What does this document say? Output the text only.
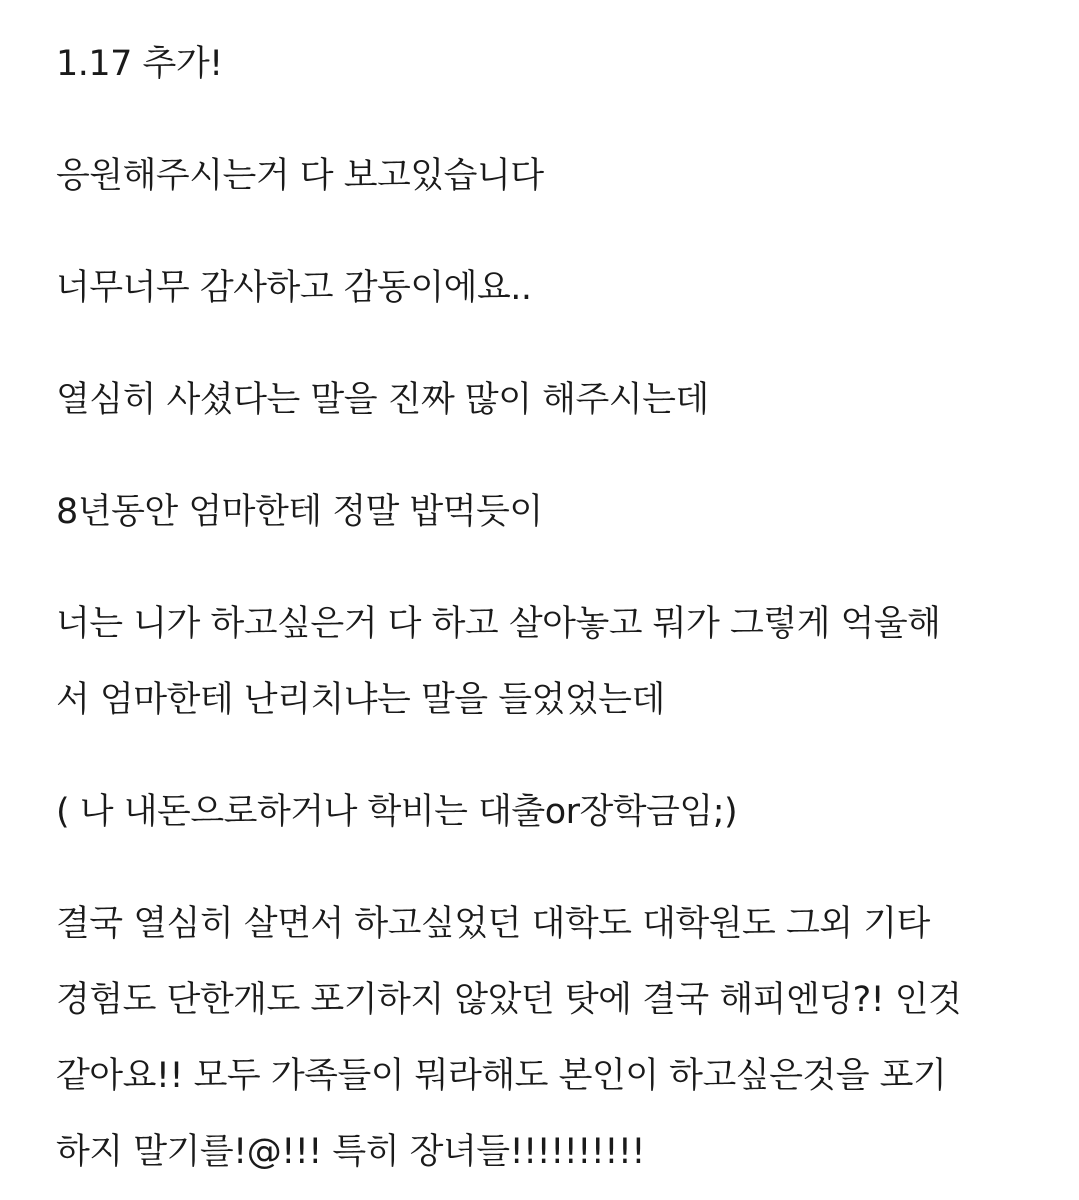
1.17 추가!
응원해주시는거 다 보고있습니다
너무너무 감사하고 감동이에요..
열심히 사셨다는 말을 진짜 많이 해주시는데
8년동안 엄마한테 정말 밥먹듯이
너는 니가 하고싶은거 다 하고 살아놓고 뭐가 그렇게 억울해
서 엄마한테 난리치냐는 말을 들었었는데
( 나 내돈으로하거나 학비는 대출or장학금임;)
결국 열심히 살면서 하고싶었던 대학도 대학원도 그외 기타
경험도 단한개도 포기하지 않았던 탓에 결국 해피엔딩?! 인것
같아요!! 모두 가족들이 뭐라해도 본인이 하고싶은것을 포기
하지 말기를!@!!! 특히 장녀들!!!!!!!!!!
